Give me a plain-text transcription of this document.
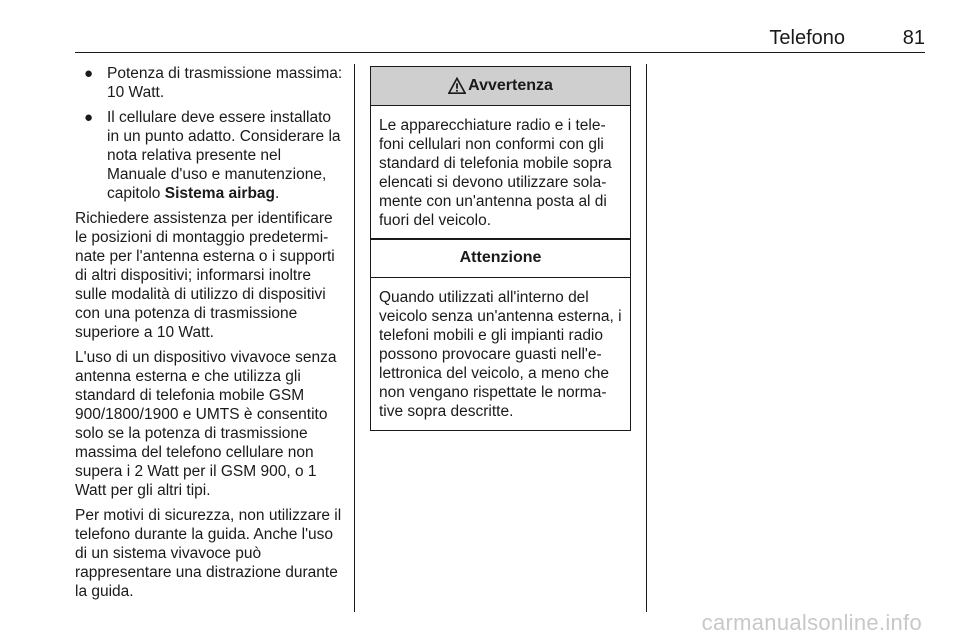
Telefono	81
● Potenza di trasmissione massima: 10 Watt.
● Il cellulare deve essere installato in un punto adatto. Considerare la nota relativa presente nel Manuale d'uso e manutenzione, capitolo Sistema airbag.

Richiedere assistenza per identificare le posizioni di montaggio predetermi-nate per l'antenna esterna o i supporti di altri dispositivi; informarsi inoltre sulle modalità di utilizzo di dispositivi con una potenza di trasmissione superiore a 10 Watt.

L'uso di un dispositivo vivavoce senza antenna esterna e che utilizza gli standard di telefonia mobile GSM 900/1800/1900 e UMTS è consentito solo se la potenza di trasmissione massima del telefono cellulare non supera i 2 Watt per il GSM 900, o 1 Watt per gli altri tipi.

Per motivi di sicurezza, non utilizzare il telefono durante la guida. Anche l'uso di un sistema vivavoce può rappresentare una distrazione durante la guida.

Avvertenza
Le apparecchiature radio e i tele-foni cellulari non conformi con gli standard di telefonia mobile sopra elencati si devono utilizzare sola-mente con un'antenna posta al di fuori del veicolo.
Attenzione
Quando utilizzati all'interno del veicolo senza un'antenna esterna, i telefoni mobili e gli impianti radio possono provocare guasti nell'e-lettronica del veicolo, a meno che non vengano rispettate le norma-tive sopra descritte.
carmanualsonline.info
